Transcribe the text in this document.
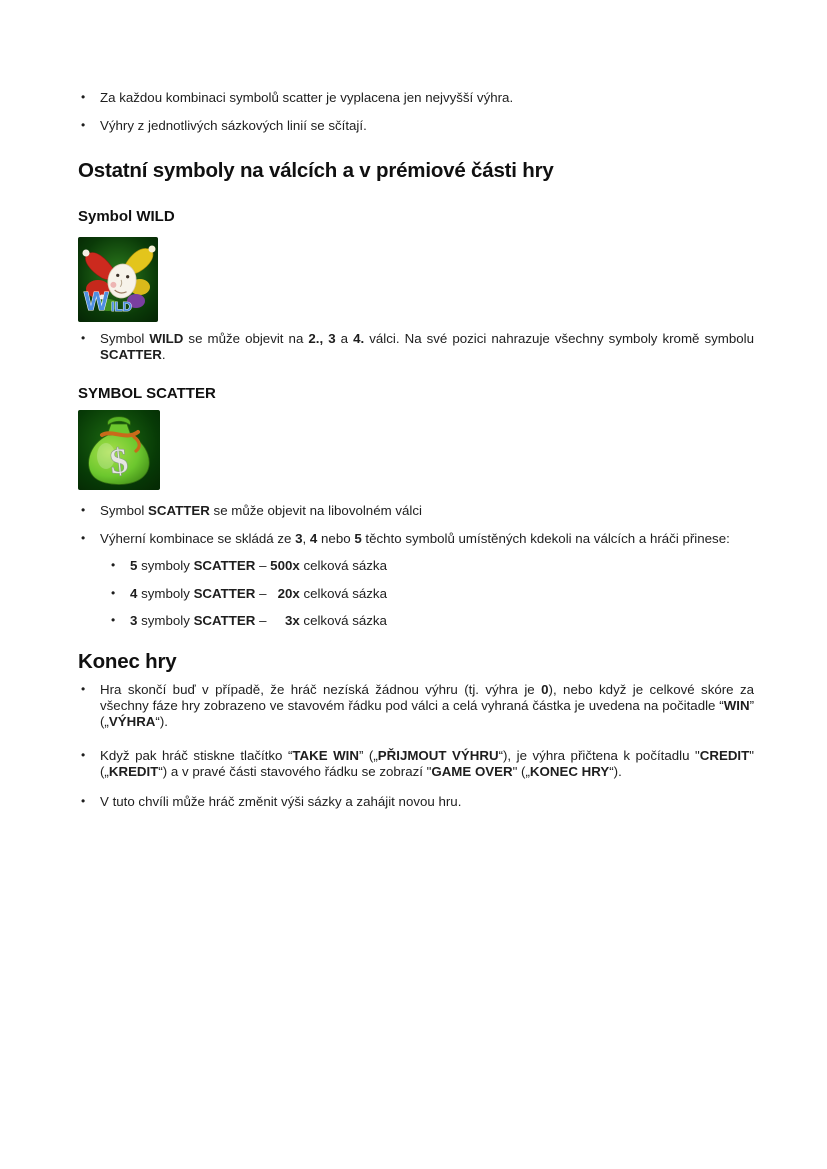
•	Za každou kombinaci symbolů scatter je vyplacena jen nejvyšší výhra.
•	Výhry z jednotlivých sázkových linií se sčítají.
Ostatní symboly na válcích a v prémiové části hry
Symbol WILD
W ILD
•	Symbol WILD se může objevit na 2., 3 a 4. válci. Na své pozici nahrazuje všechny symboly kromě symbolu SCATTER.
SYMBOL SCATTER
$
•	Symbol SCATTER se může objevit na libovolném válci
•	Výherní kombinace se skládá ze 3, 4 nebo 5 těchto symbolů umístěných kdekoli na válcích a hráči přinese:
•	5 symboly SCATTER – 500x celková sázka
•	4 symboly SCATTER –   20x celková sázka
•	3 symboly SCATTER –     3x celková sázka
Konec hry
•	Hra skončí buď v případě, že hráč nezíská žádnou výhru (tj. výhra je 0), nebo když je celkové skóre za všechny fáze hry zobrazeno ve stavovém řádku pod válci a celá vyhraná částka je uvedena na počitadle “WIN” („VÝHRA“).
•	Když pak hráč stiskne tlačítko “TAKE WIN” („PŘIJMOUT VÝHRU“), je výhra přičtena k počítadlu "CREDIT" („KREDIT“) a v pravé části stavového řádku se zobrazí "GAME OVER" („KONEC HRY“).
•	V tuto chvíli může hráč změnit výši sázky a zahájit novou hru.
